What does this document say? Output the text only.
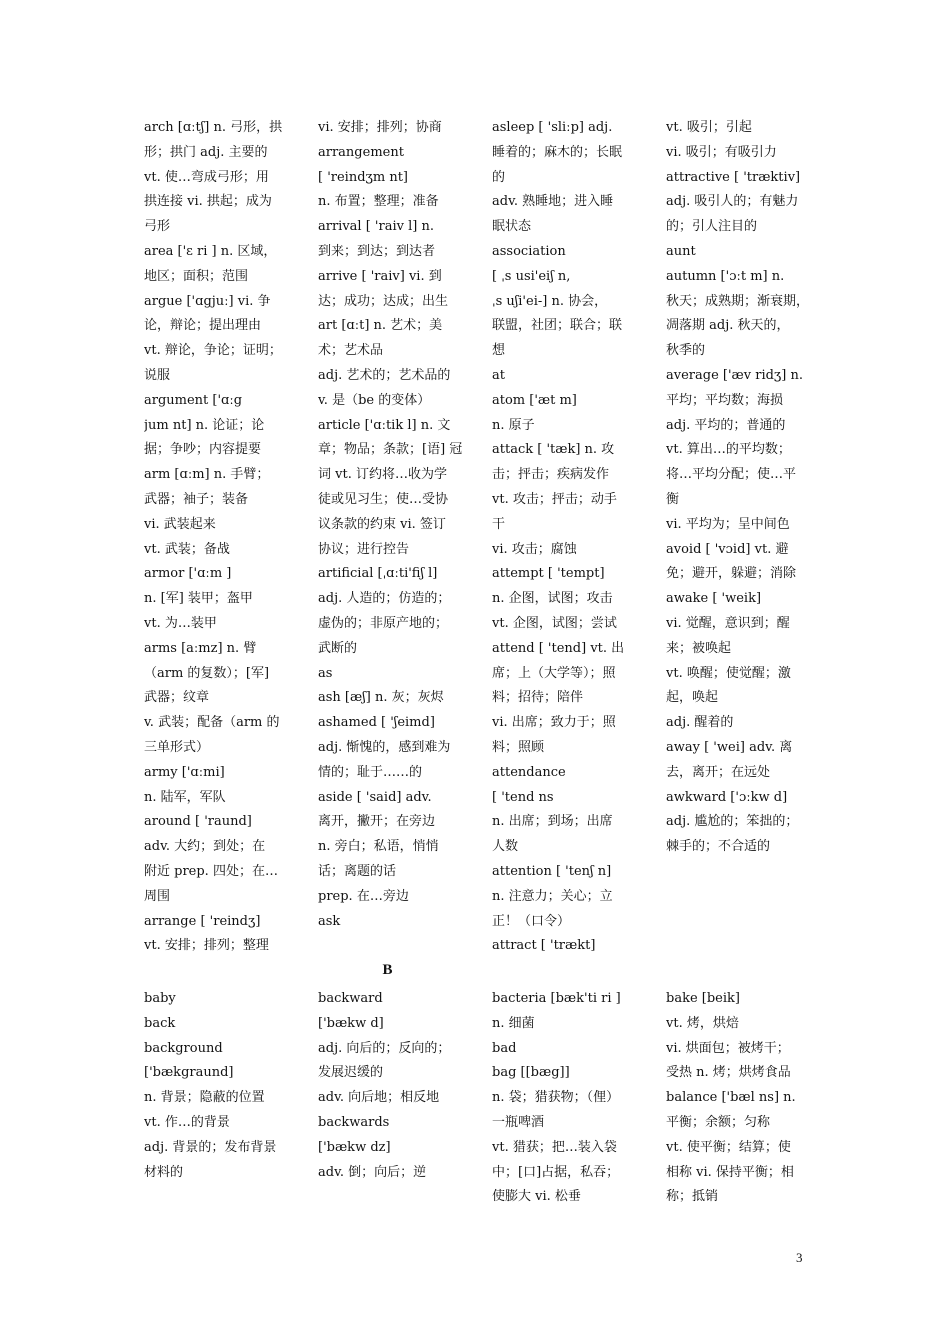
arch [ɑːtʃ] n. 弓形，拱
形；拱门 adj. 主要的
vt. 使…弯成弓形；用
拱连接 vi. 拱起；成为
弓形
area ['ɛ ri ] n. 区域，
地区；面积；范围
argue ['ɑgjuː] vi. 争
论，辩论；提出理由
vt. 辩论，争论；证明；
说服
argument ['ɑːg
jum nt] n. 论证；论
据；争吵；内容提要
arm [ɑːm] n. 手臂；
武器；袖子；装备
vi. 武装起来
vt. 武装；备战
armor ['ɑːm ]
n. [军] 装甲；盔甲
vt. 为…装甲
arms [aːmz] n. 臂
（arm 的复数）；[军]
武器；纹章
v. 武装；配备（arm 的
三单形式）
army ['ɑːmi]
n. 陆军，军队
around [ 'raund]
adv. 大约；到处；在
附近 prep. 四处；在…
周围
arrange [ 'reindʒ]
vt. 安排；排列；整理
vi. 安排；排列；协商
arrangement
[ 'reindʒm nt]
n. 布置；整理；准备
arrival [ 'raiv l] n.
到来；到达；到达者
arrive [ 'raiv] vi. 到
达；成功；达成；出生
art [ɑːt] n. 艺术；美
术；艺术品
adj. 艺术的；艺术品的
v. 是（be 的变体）
article ['ɑːtik l] n. 文
章；物品；条款；[语] 冠
词 vt. 订约将…收为学
徒或见习生；使…受协
议条款的约束 vi. 签订
协议；进行控告
artificial [ˌɑːti'fiʃ l]
adj. 人造的；仿造的；
虚伪的；非原产地的；
武断的
as
ash [æʃ] n. 灰；灰烬
ashamed [ 'ʃeimd]
adj. 惭愧的，感到难为
情的；耻于……的
aside [ 'said] adv.
离开，撇开；在旁边
n. 旁白；私语，悄悄
话；离题的话
prep. 在…旁边
ask
asleep [ 'sliːp] adj.
睡着的；麻木的；长眠
的
adv. 熟睡地；进入睡
眠状态
association
[ ˌs usi'eiʃ n,
ˌs uʃi'ei-] n. 协会，
联盟，社团；联合；联
想
at
atom ['æt m]
n. 原子
attack [ 'tæk] n. 攻
击；抨击；疾病发作
vt. 攻击；抨击；动手
干
vi. 攻击；腐蚀
attempt [ 'tempt]
n. 企图，试图；攻击
vt. 企图，试图；尝试
attend [ 'tend] vt. 出
席；上（大学等）；照
料；招待；陪伴
vi. 出席；致力于；照
料；照顾
attendance
[ 'tend ns
n. 出席；到场；出席
人数
attention [ 'tenʃ n]
n. 注意力；关心；立
正！（口令）
attract [ 'trækt]
vt. 吸引；引起
vi. 吸引；有吸引力
attractive [ 'træktiv]
adj. 吸引人的；有魅力
的；引人注目的
aunt
autumn ['ɔːt m] n.
秋天；成熟期；渐衰期，
凋落期 adj. 秋天的，
秋季的
average ['æv ridʒ] n.
平均；平均数；海损
adj. 平均的；普通的
vt. 算出…的平均数；
将…平均分配；使…平
衡
vi. 平均为；呈中间色
avoid [ 'vɔid] vt. 避
免；避开，躲避；消除
awake [ 'weik]
vi. 觉醒，意识到；醒
来；被唤起
vt. 唤醒；使觉醒；激
起，唤起
adj. 醒着的
away [ 'wei] adv. 离
去，离开；在远处
awkward ['ɔːkw d]
adj. 尴尬的；笨拙的；
棘手的；不合适的
B
baby
back
background
['bækgraund]
n. 背景；隐蔽的位置
vt. 作…的背景
adj. 背景的；发布背景
材料的
backward
['bækw d]
adj. 向后的；反向的；
发展迟缓的
adv. 向后地；相反地
backwards
['bækw dz]
adv. 倒；向后；逆
bacteria [bæk'ti ri ]
n. 细菌
bad
bag [[bæg]]
n. 袋；猎获物；（俚）
一瓶啤酒
vt. 猎获；把…装入袋
中；[口]占据，私吞；
使膨大 vi. 松垂
bake [beik]
vt. 烤，烘焙
vi. 烘面包；被烤干；
受热 n. 烤；烘烤食品
balance ['bæl ns] n.
平衡；余额；匀称
vt. 使平衡；结算；使
相称 vi. 保持平衡；相
称；抵销
3
